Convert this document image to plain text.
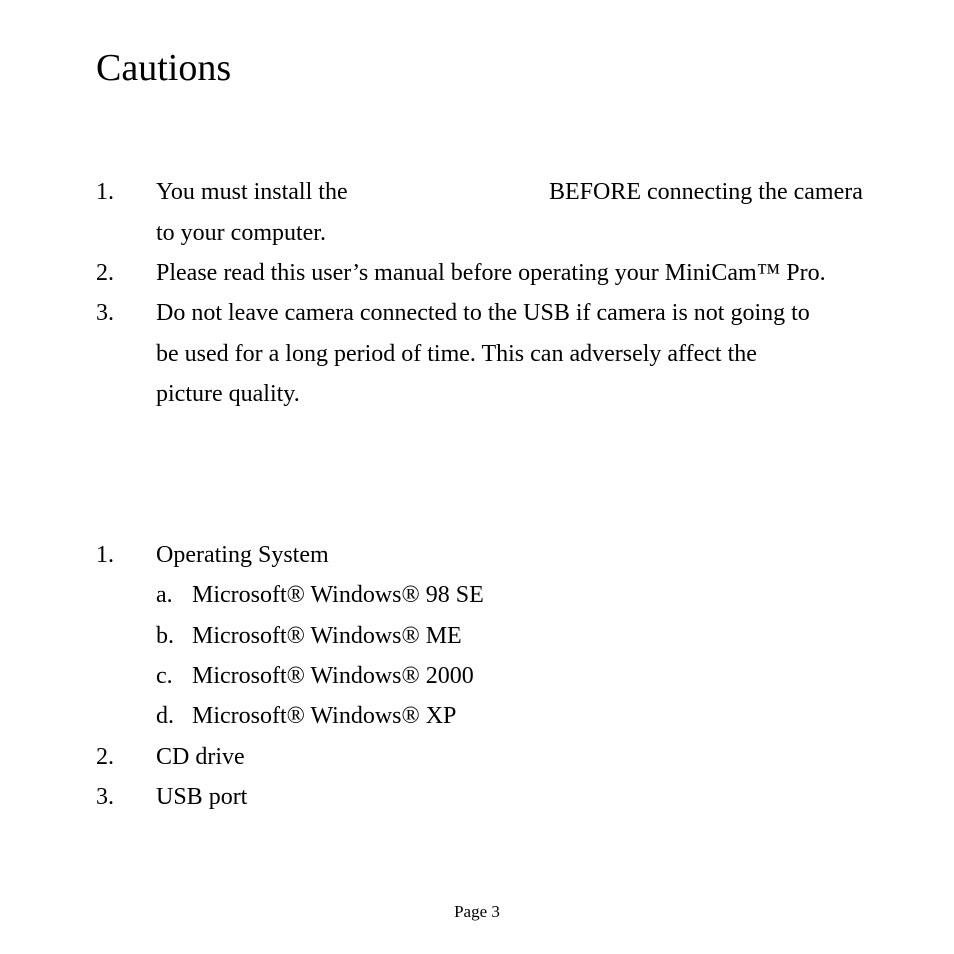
Cautions
1. You must install the	BEFORE connecting the camera
to your computer.
2. Please read this user’s manual before operating your MiniCam™ Pro.
3. Do not leave camera connected to the USB if camera is not going to
be used for a long period of time. This can adversely affect the
picture quality.
1. Operating System
a. Microsoft® Windows® 98 SE
b. Microsoft® Windows® ME
c. Microsoft® Windows® 2000
d. Microsoft® Windows® XP
2. CD drive
3. USB port
Page 3
